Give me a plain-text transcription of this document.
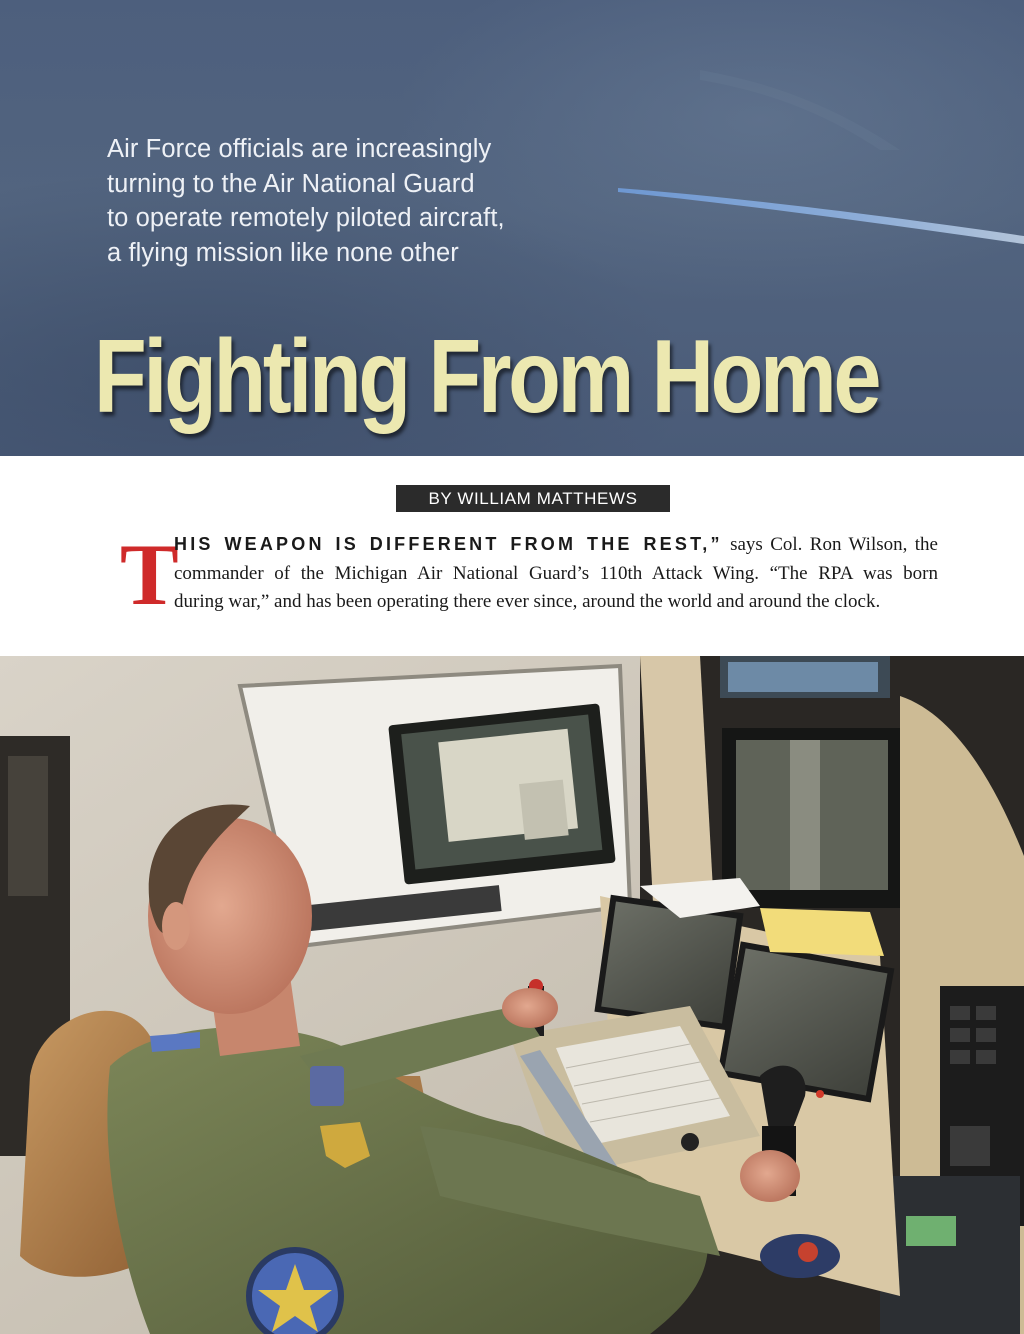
Air Force officials are increasingly
turning to the Air National Guard
to operate remotely piloted aircraft,
a flying mission like none other
Fighting From Home
BY WILLIAM MATTHEWS
T
HIS WEAPON IS DIFFERENT FROM THE REST,” says Col. Ron Wilson, the
commander of the Michigan Air National Guard’s 110th Attack Wing. “The RPA was born
during war,” and has been operating there ever since, around the world and around the clock.
